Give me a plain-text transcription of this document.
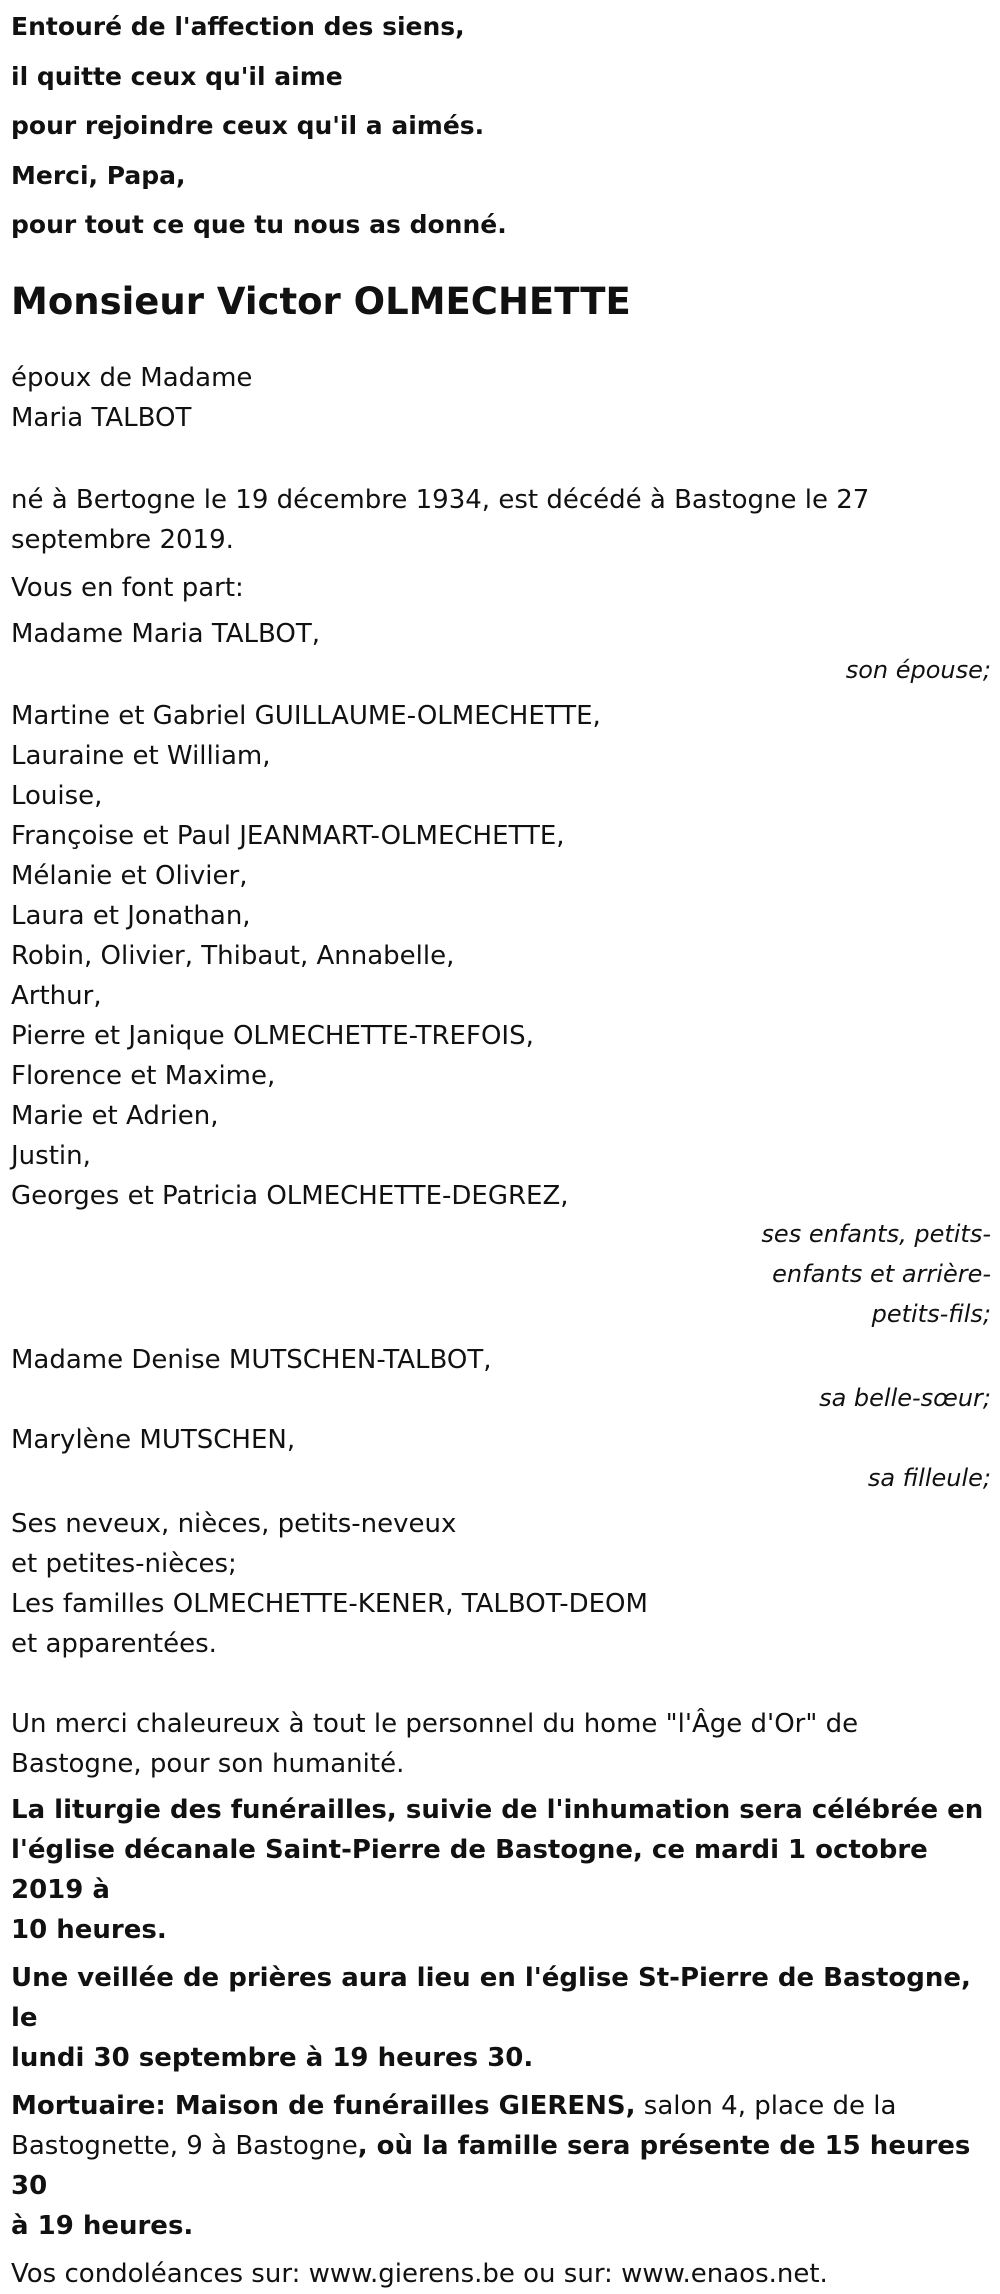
Entouré de l'affection des siens,
il quitte ceux qu'il aime
pour rejoindre ceux qu'il a aimés.
Merci, Papa,
pour tout ce que tu nous as donné.
Monsieur Victor OLMECHETTE
époux de Madame
Maria TALBOT
né à Bertogne le 19 décembre 1934, est décédé à Bastogne le 27
septembre 2019.
Vous en font part:
Madame Maria TALBOT,
son épouse;
Martine et Gabriel GUILLAUME-OLMECHETTE,
Lauraine et William,
Louise,
Françoise et Paul JEANMART-OLMECHETTE,
Mélanie et Olivier,
Laura et Jonathan,
Robin, Olivier, Thibaut, Annabelle,
Arthur,
Pierre et Janique OLMECHETTE-TREFOIS,
Florence et Maxime,
Marie et Adrien,
Justin,
Georges et Patricia OLMECHETTE-DEGREZ,
ses enfants, petits-
enfants et arrière-
petits-fils;
Madame Denise MUTSCHEN-TALBOT,
sa belle-sœur;
Marylène MUTSCHEN,
sa filleule;
Ses neveux, nièces, petits-neveux
et petites-nièces;
Les familles OLMECHETTE-KENER, TALBOT-DEOM
et apparentées.
Un merci chaleureux à tout le personnel du home "l'Âge d'Or" de
Bastogne, pour son humanité.
La liturgie des funérailles, suivie de l'inhumation sera célébrée en
l'église décanale Saint-Pierre de Bastogne, ce mardi 1 octobre 2019 à
10 heures.
Une veillée de prières aura lieu en l'église St-Pierre de Bastogne, le
lundi 30 septembre à 19 heures 30.
Mortuaire: Maison de funérailles GIERENS, salon 4, place de la
Bastognette, 9 à Bastogne, où la famille sera présente de 15 heures 30
à 19 heures.
Vos condoléances sur: www.gierens.be ou sur: www.enaos.net.
